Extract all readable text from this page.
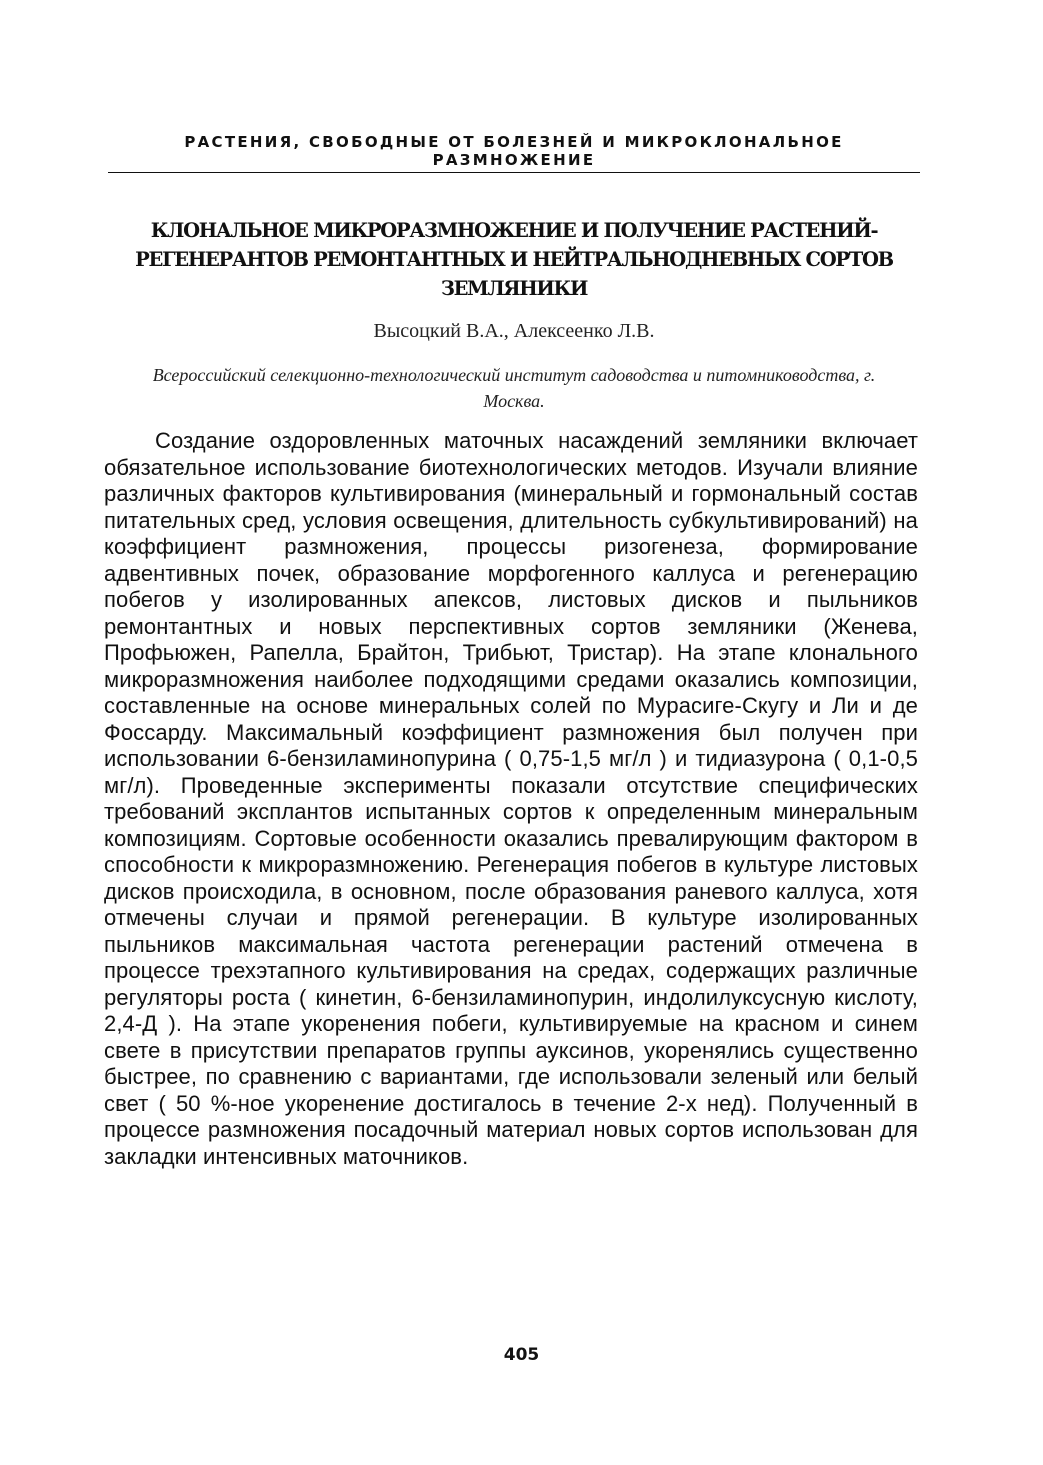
РАСТЕНИЯ, СВОБОДНЫЕ ОТ БОЛЕЗНЕЙ И МИКРОКЛОНАЛЬНОЕ РАЗМНОЖЕНИЕ
КЛОНАЛЬНОЕ МИКРОРАЗМНОЖЕНИЕ И ПОЛУЧЕНИЕ РАСТЕНИЙ-РЕГЕНЕРАНТОВ РЕМОНТАНТНЫХ И НЕЙТРАЛЬНОДНЕВНЫХ СОРТОВ ЗЕМЛЯНИКИ
Высоцкий В.А., Алексеенко Л.В.
Всероссийский селекционно-технологический институт садоводства и питомниководства, г. Москва.

Создание оздоровленных маточных насаждений земляники включает обязательное использование биотехнологических методов. Изучали влияние различных факторов культивирования (минеральный и гормональный состав питательных сред, условия освещения, длительность субкультивирований) на коэффициент размножения, процессы ризогенеза, формирование адвентивных почек, образование морфогенного каллуса и регенерацию побегов у изолированных апексов, листовых дисков и пыльников ремонтантных и новых перспективных сортов земляники (Женева, Профьюжен, Рапелла, Брайтон, Трибьют, Тристар). На этапе клонального микроразмножения наиболее подходящими средами оказались композиции, составленные на основе минеральных солей по Мурасиге-Скугу и Ли и де Фоссарду. Максимальный коэффициент размножения был получен при использовании 6-бензиламинопурина ( 0,75-1,5 мг/л ) и тидиазурона ( 0,1-0,5 мг/л). Проведенные эксперименты показали отсутствие специфических требований эксплантов испытанных сортов к определенным минеральным композициям. Сортовые особенности оказались превалирующим фактором в способности к микроразмножению. Регенерация побегов в культуре листовых дисков происходила, в основном, после образования раневого каллуса, хотя отмечены случаи и прямой регенерации. В культуре изолированных пыльников максимальная частота регенерации растений отмечена в процессе трехэтапного культивирования на средах, содержащих различные регуляторы роста ( кинетин, 6-бензиламинопурин, индолилуксусную кислоту, 2,4-Д ). На этапе укоренения побеги, культивируемые на красном и синем свете в присутствии препаратов группы ауксинов, укоренялись существенно быстрее, по сравнению с вариантами, где использовали зеленый или белый свет ( 50 %-ное укоренение достигалось в течение 2-х нед). Полученный в процессе размножения посадочный материал новых сортов использован для закладки интенсивных маточников.

405
